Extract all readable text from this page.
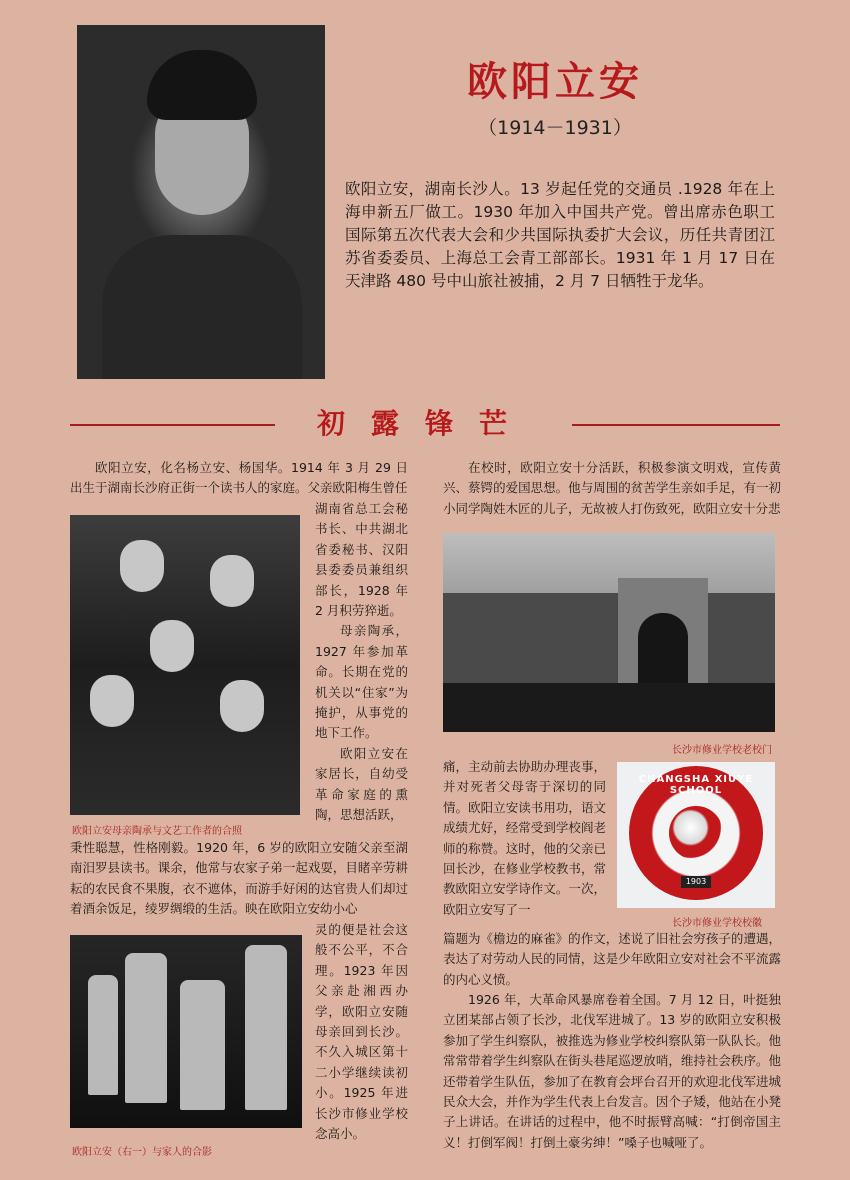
欧阳立安
（1914－1931）
欧阳立安，湖南长沙人。13 岁起任党的交通员 .1928 年在上海申新五厂做工。1930 年加入中国共产党。曾出席赤色职工国际第五次代表大会和少共国际执委扩大会议，历任共青团江苏省委委员、上海总工会青工部部长。1931 年 1 月 17 日在天津路 480 号中山旅社被捕，2 月 7 日牺牲于龙华。
初露锋芒

欧阳立安，化名杨立安、杨国华。1914 年 3 月 29 日出生于湖南长沙府正街一个读书人的家庭。父亲欧阳梅生曾任

湖南省总工会秘书长、中共湖北省委秘书、汉阳县委委员兼组织部长，1928 年 2 月积劳猝逝。

母亲陶承，1927 年参加革命。长期在党的机关以“住家”为掩护，从事党的地下工作。

欧阳立安在家居长，自幼受革命家庭的熏陶，思想活跃，

欧阳立安母亲陶承与文艺工作者的合照
秉性聪慧，性格刚毅。1920 年，6 岁的欧阳立安随父亲至湖南汨罗县读书。课余，他常与农家子弟一起戏耍，目睹辛劳耕耘的农民食不果腹，衣不遮体，而游手好闲的达官贵人们却过着酒余饭足，绫罗绸缎的生活。映在欧阳立安幼小心
欧阳立安（右一）与家人的合影
灵的便是社会这般不公平，不合理。1923 年因父亲赴湘西办学，欧阳立安随母亲回到长沙。不久入城区第十二小学继续读初小。1925 年进长沙市修业学校念高小。

在校时，欧阳立安十分活跃，积极参演文明戏，宣传黄兴、蔡锷的爱国思想。他与周围的贫苦学生亲如手足，有一初小同学陶姓木匠的儿子，无故被人打伤致死，欧阳立安十分悲

长沙市修业学校老校门
痛，主动前去协助办理丧事，并对死者父母寄于深切的同情。欧阳立安读书用功，语文成绩尤好，经常受到学校阎老师的称赞。这时，他的父亲已回长沙，在修业学校教书，常教欧阳立安学诗作文。一次，欧阳立安写了一
CHANGSHA XIUYE SCHOOL
1903
长沙市修业学校校徽
篇题为《檐边的麻雀》的作文，述说了旧社会穷孩子的遭遇，表达了对劳动人民的同情，这是少年欧阳立安对社会不平流露的内心义愤。

1926 年，大革命风暴席卷着全国。7 月 12 日，叶挺独立团某部占领了长沙，北伐军进城了。13 岁的欧阳立安积极参加了学生纠察队，被推选为修业学校纠察队第一队队长。他常常带着学生纠察队在街头巷尾巡逻放哨，维持社会秩序。他还带着学生队伍，参加了在教育会坪台召开的欢迎北伐军进城民众大会，并作为学生代表上台发言。因个子矮，他站在小凳子上讲话。在讲话的过程中，他不时振臂高喊：“打倒帝国主义！打倒军阀！打倒土豪劣绅！”嗓子也喊哑了。
